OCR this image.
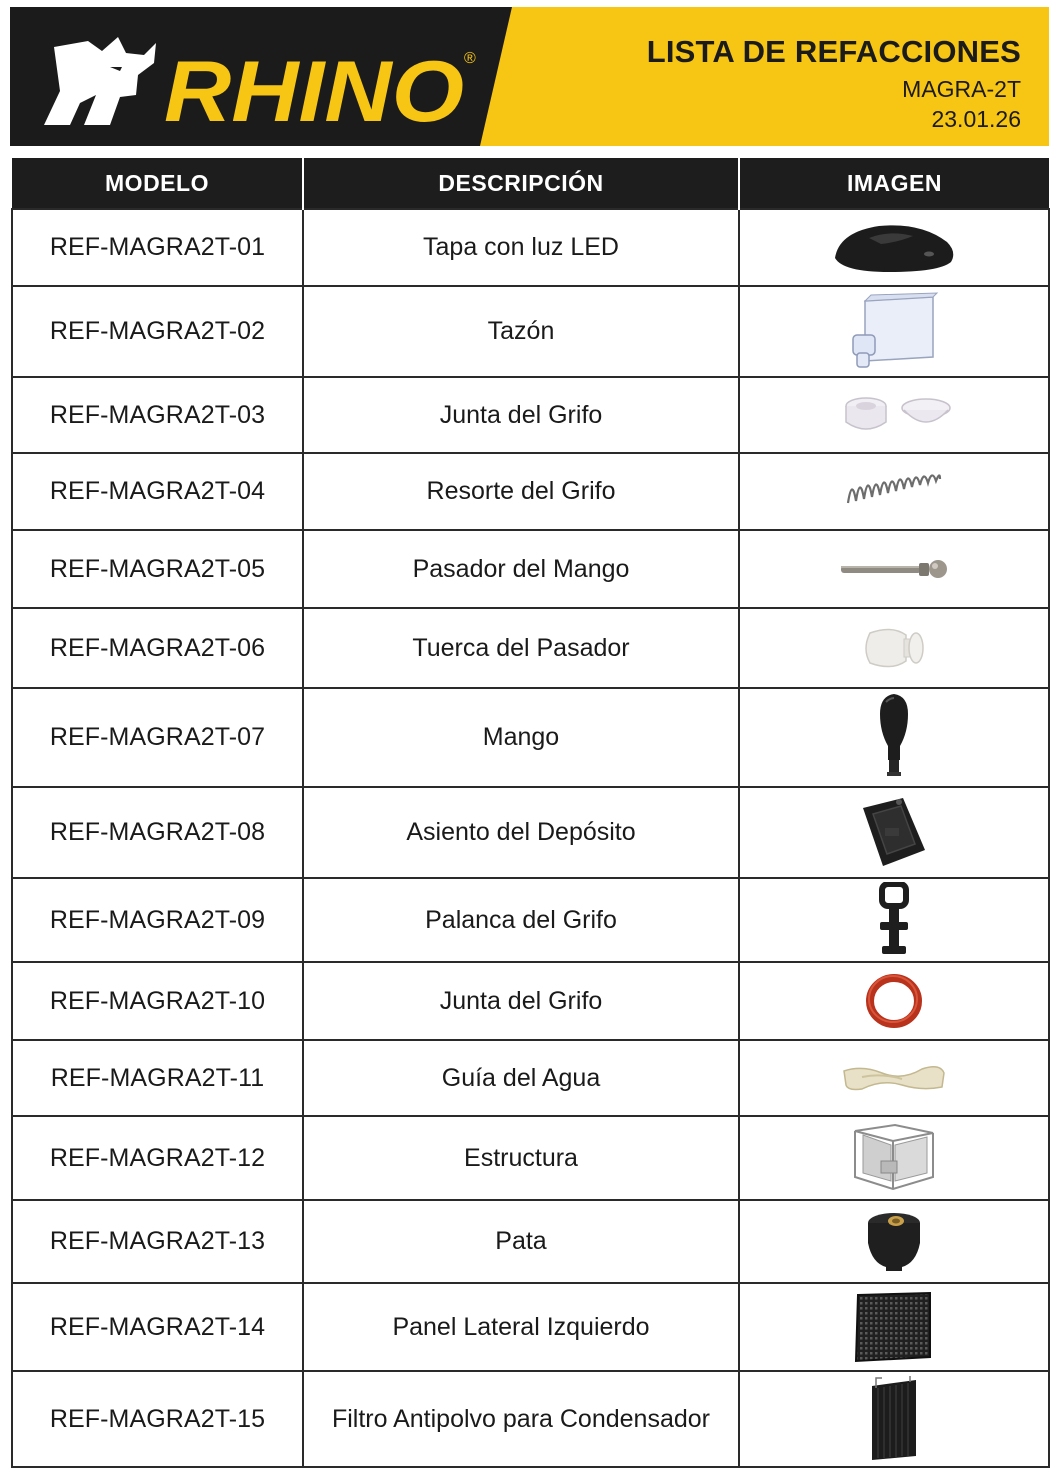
RHINO ®	LISTA DE REFACCIONES
MAGRA-2T
23.01.26
MODELO	DESCRIPCIÓN	IMAGEN
REF-MAGRA2T-01	Tapa con luz LED	

REF-MAGRA2T-02	Tazón	

REF-MAGRA2T-03	Junta del Grifo	

REF-MAGRA2T-04	Resorte del Grifo	

REF-MAGRA2T-05	Pasador del Mango	

REF-MAGRA2T-06	Tuerca del Pasador	

REF-MAGRA2T-07	Mango	

REF-MAGRA2T-08	Asiento del Depósito	

REF-MAGRA2T-09	Palanca del Grifo	

REF-MAGRA2T-10	Junta del Grifo	

REF-MAGRA2T-11	Guía del Agua	

REF-MAGRA2T-12	Estructura	

REF-MAGRA2T-13	Pata	

REF-MAGRA2T-14	Panel Lateral Izquierdo	

REF-MAGRA2T-15	Filtro Antipolvo para Condensador	
